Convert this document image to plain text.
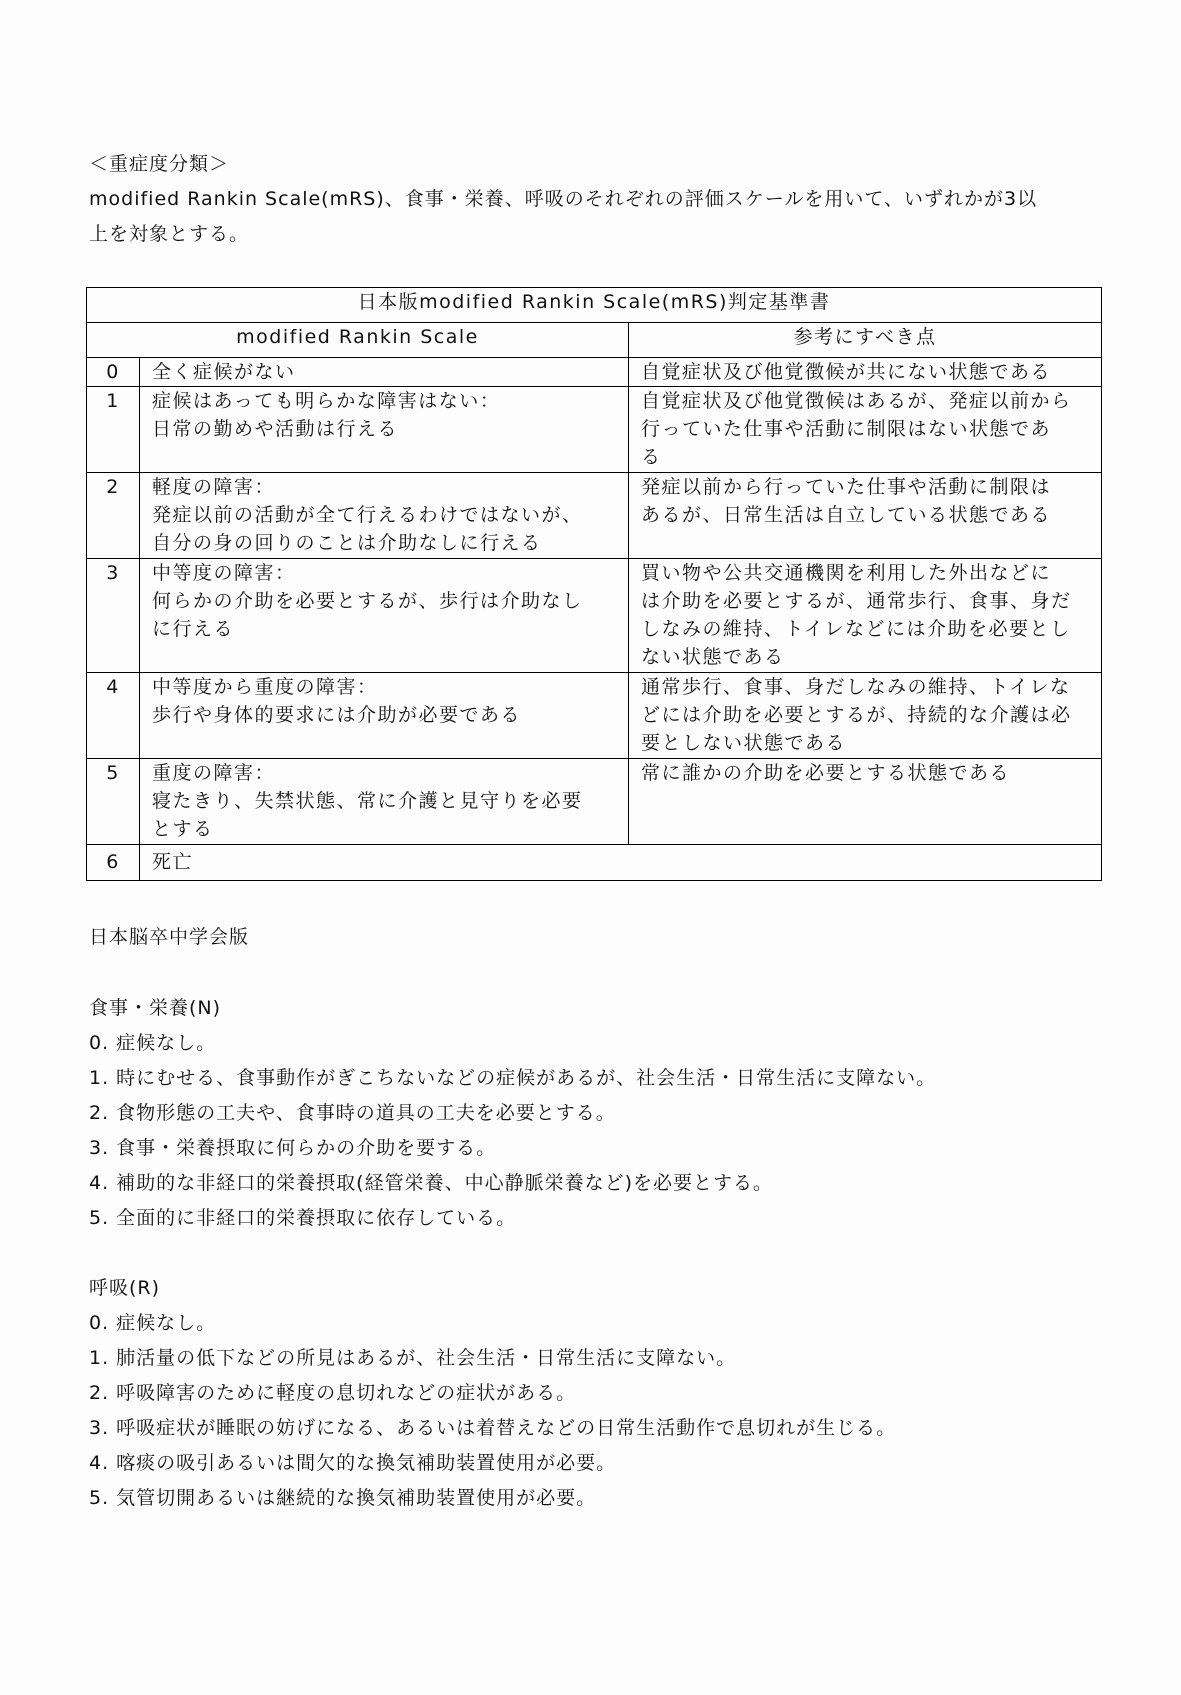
＜重症度分類＞
modified Rankin Scale(mRS)、食事・栄養、呼吸のそれぞれの評価スケールを用いて、いずれかが3以
上を対象とする。
日本版modified Rankin Scale(mRS)判定基準書		
modified Rankin Scale		参考にすべき点
0	全く症候がない	自覚症状及び他覚徴候が共にない状態である

1	症候はあっても明らかな障害はない：
日常の勤めや活動は行える	自覚症状及び他覚徴候はあるが、発症以前から
行っていた仕事や活動に制限はない状態であ
る

2	軽度の障害：
発症以前の活動が全て行えるわけではないが、
自分の身の回りのことは介助なしに行える	発症以前から行っていた仕事や活動に制限は
あるが、日常生活は自立している状態である

3	中等度の障害：
何らかの介助を必要とするが、歩行は介助なし
に行える	買い物や公共交通機関を利用した外出などに
は介助を必要とするが、通常歩行、食事、身だ
しなみの維持、トイレなどには介助を必要とし
ない状態である

4	中等度から重度の障害：
歩行や身体的要求には介助が必要である	通常歩行、食事、身だしなみの維持、トイレな
どには介助を必要とするが、持続的な介護は必
要としない状態である

5	重度の障害：
寝たきり、失禁状態、常に介護と見守りを必要
とする	常に誰かの介助を必要とする状態である

6	死亡	
日本脳卒中学会版
食事・栄養(N)
0. 症候なし。
1. 時にむせる、食事動作がぎこちないなどの症候があるが、社会生活・日常生活に支障ない。
2. 食物形態の工夫や、食事時の道具の工夫を必要とする。
3. 食事・栄養摂取に何らかの介助を要する。
4. 補助的な非経口的栄養摂取(経管栄養、中心静脈栄養など)を必要とする。
5. 全面的に非経口的栄養摂取に依存している。
呼吸(R)
0. 症候なし。
1. 肺活量の低下などの所見はあるが、社会生活・日常生活に支障ない。
2. 呼吸障害のために軽度の息切れなどの症状がある。
3. 呼吸症状が睡眠の妨げになる、あるいは着替えなどの日常生活動作で息切れが生じる。
4. 喀痰の吸引あるいは間欠的な換気補助装置使用が必要。
5. 気管切開あるいは継続的な換気補助装置使用が必要。
